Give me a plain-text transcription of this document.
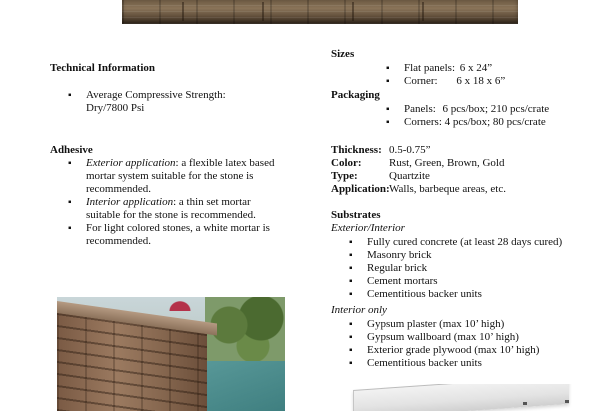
Technical Information
▪ Average Compressive Strength:
Dry/7800 Psi
Adhesive
▪ Exterior application: a flexible latex based
mortar system suitable for the stone is
recommended.
▪ Interior application: a thin set mortar
suitable for the stone is recommended.
▪ For light colored stones, a white mortar is
recommended.
Sizes
▪ Flat panels: 6 x 24”
▪ Corner: 6 x 18 x 6”
Packaging
▪ Panels: 6 pcs/box; 210 pcs/crate
▪ Corners: 4 pcs/box; 80 pcs/crate
Thickness: 0.5-0.75”
Color: Rust, Green, Brown, Gold
Type:	Quartzite
Application: Walls, barbeque areas, etc.
Substrates
Exterior/Interior
▪ Fully cured concrete (at least 28 days cured)
▪ Masonry brick
▪ Regular brick
▪ Cement mortars
▪ Cementitious backer units
Interior only
▪ Gypsum plaster (max 10’ high)
▪ Gypsum wallboard (max 10’ high)
▪ Exterior grade plywood (max 10’ high)
▪ Cementitious backer units
